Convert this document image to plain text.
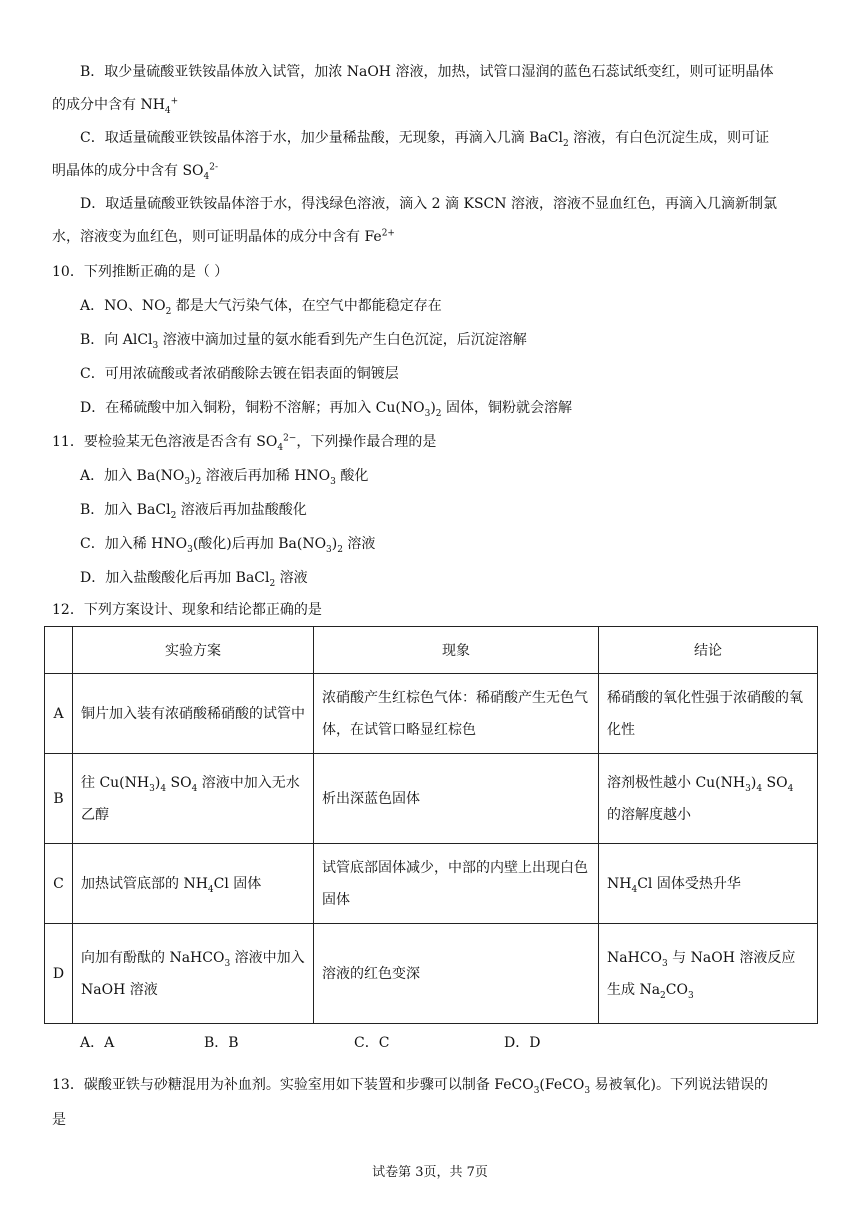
B．取少量硫酸亚铁铵晶体放入试管，加浓 NaOH 溶液，加热，试管口湿润的蓝色石蕊试纸变红，则可证明晶体
的成分中含有 $NH_4^+$
C．取适量硫酸亚铁铵晶体溶于水，加少量稀盐酸，无现象，再滴入几滴 BaCl$_2$ 溶液，有白色沉淀生成，则可证
明晶体的成分中含有 $SO_4^{2-}$
D．取适量硫酸亚铁铵晶体溶于水，得浅绿色溶液，滴入 2 滴 KSCN 溶液，溶液不显血红色，再滴入几滴新制氯
水，溶液变为血红色，则可证明晶体的成分中含有 $Fe^{2+}$
10．下列推断正确的是（ ）
A．NO、$NO_2$ 都是大气污染气体，在空气中都能稳定存在
B．向 AlCl$_3$ 溶液中滴加过量的氨水能看到先产生白色沉淀，后沉淀溶解
C．可用浓硫酸或者浓硝酸除去镀在铝表面的铜镀层
D．在稀硫酸中加入铜粉，铜粉不溶解；再加入 $Cu(NO_3)_2$ 固体，铜粉就会溶解
11．要检验某无色溶液是否含有 $SO_4^{2-}$，下列操作最合理的是
A．加入 $Ba(NO_3)_2$ 溶液后再加稀 $HNO_3$ 酸化
B．加入 BaCl$_2$ 溶液后再加盐酸酸化
C．加入稀 $HNO_3$(酸化)后再加 $Ba(NO_3)_2$ 溶液
D．加入盐酸酸化后再加 BaCl$_2$ 溶液
12．下列方案设计、现象和结论都正确的是
	实验方案	现象	结论
A	铜片加入装有浓硝酸稀硝酸的试管中	浓硝酸产生红棕色气体：稀硝酸产生无色气体，在试管口略显红棕色	稀硝酸的氧化性强于浓硝酸的氧化性
B	往 $Cu(NH_3)_4$ $SO_4$ 溶液中加入无水乙醇	析出深蓝色固体	溶剂极性越小 $Cu(NH_3)_4$ $SO_4$ 的溶解度越小
C	加热试管底部的 $NH_4Cl$ 固体	试管底部固体减少，中部的内壁上出现白色固体	$NH_4Cl$ 固体受热升华
D	向加有酚酞的 NaHCO$_3$ 溶液中加入 NaOH 溶液	溶液的红色变深	NaHCO$_3$ 与 NaOH 溶液反应生成 $Na_2CO_3$
A．A	B．B	C．C	D．D
13．碳酸亚铁与砂糖混用为补血剂。实验室用如下装置和步骤可以制备 FeCO$_3$(FeCO$_3$ 易被氧化)。下列说法错误的
是
试卷第 3页，共 7页
